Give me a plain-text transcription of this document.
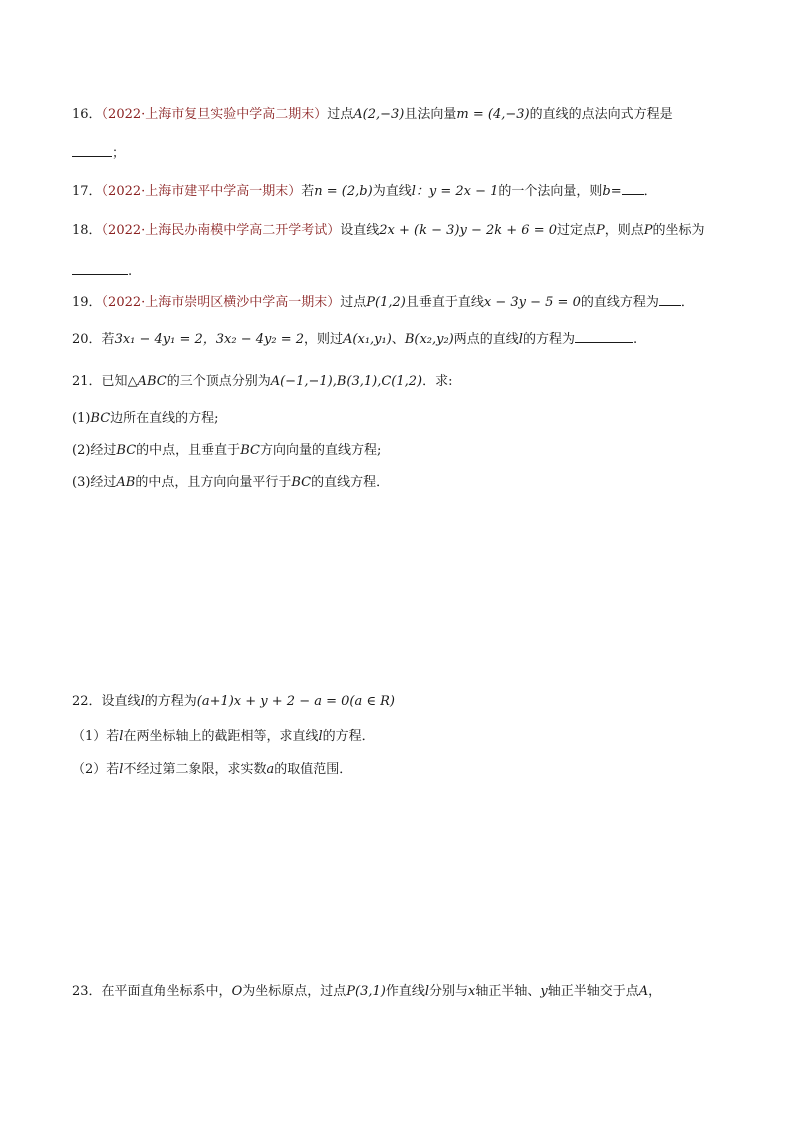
16．（2022·上海市复旦实验中学高二期末）过点A(2,−3)且法向量m = (4,−3)的直线的点法向式方程是
；
17．（2022·上海市建平中学高一期末）若n = (2,b)为直线l：y = 2x − 1的一个法向量，则b= ．
18．（2022·上海民办南模中学高二开学考试）设直线2x + (k − 3)y − 2k + 6 = 0过定点P，则点P的坐标为
.
19．（2022·上海市崇明区横沙中学高一期末）过点P(1,2)且垂直于直线x − 3y − 5 = 0的直线方程为 ．
20．若3x₁ − 4y₁ = 2，3x₂ − 4y₂ = 2，则过A(x₁,y₁)、B(x₂,y₂)两点的直线l的方程为	.
21．已知△ABC的三个顶点分别为A(−1,−1),B(3,1),C(1,2)．求:
(1)BC边所在直线的方程;
(2)经过BC的中点，且垂直于BC方向向量的直线方程;
(3)经过AB的中点，且方向向量平行于BC的直线方程．
22．设直线l的方程为(a+1)x + y + 2 − a = 0(a ∈ R)
（1）若l在两坐标轴上的截距相等，求直线l的方程．
（2）若l不经过第二象限，求实数a的取值范围．
23．在平面直角坐标系中，O为坐标原点，过点P(3,1)作直线l分别与x轴正半轴、y轴正半轴交于点A，
